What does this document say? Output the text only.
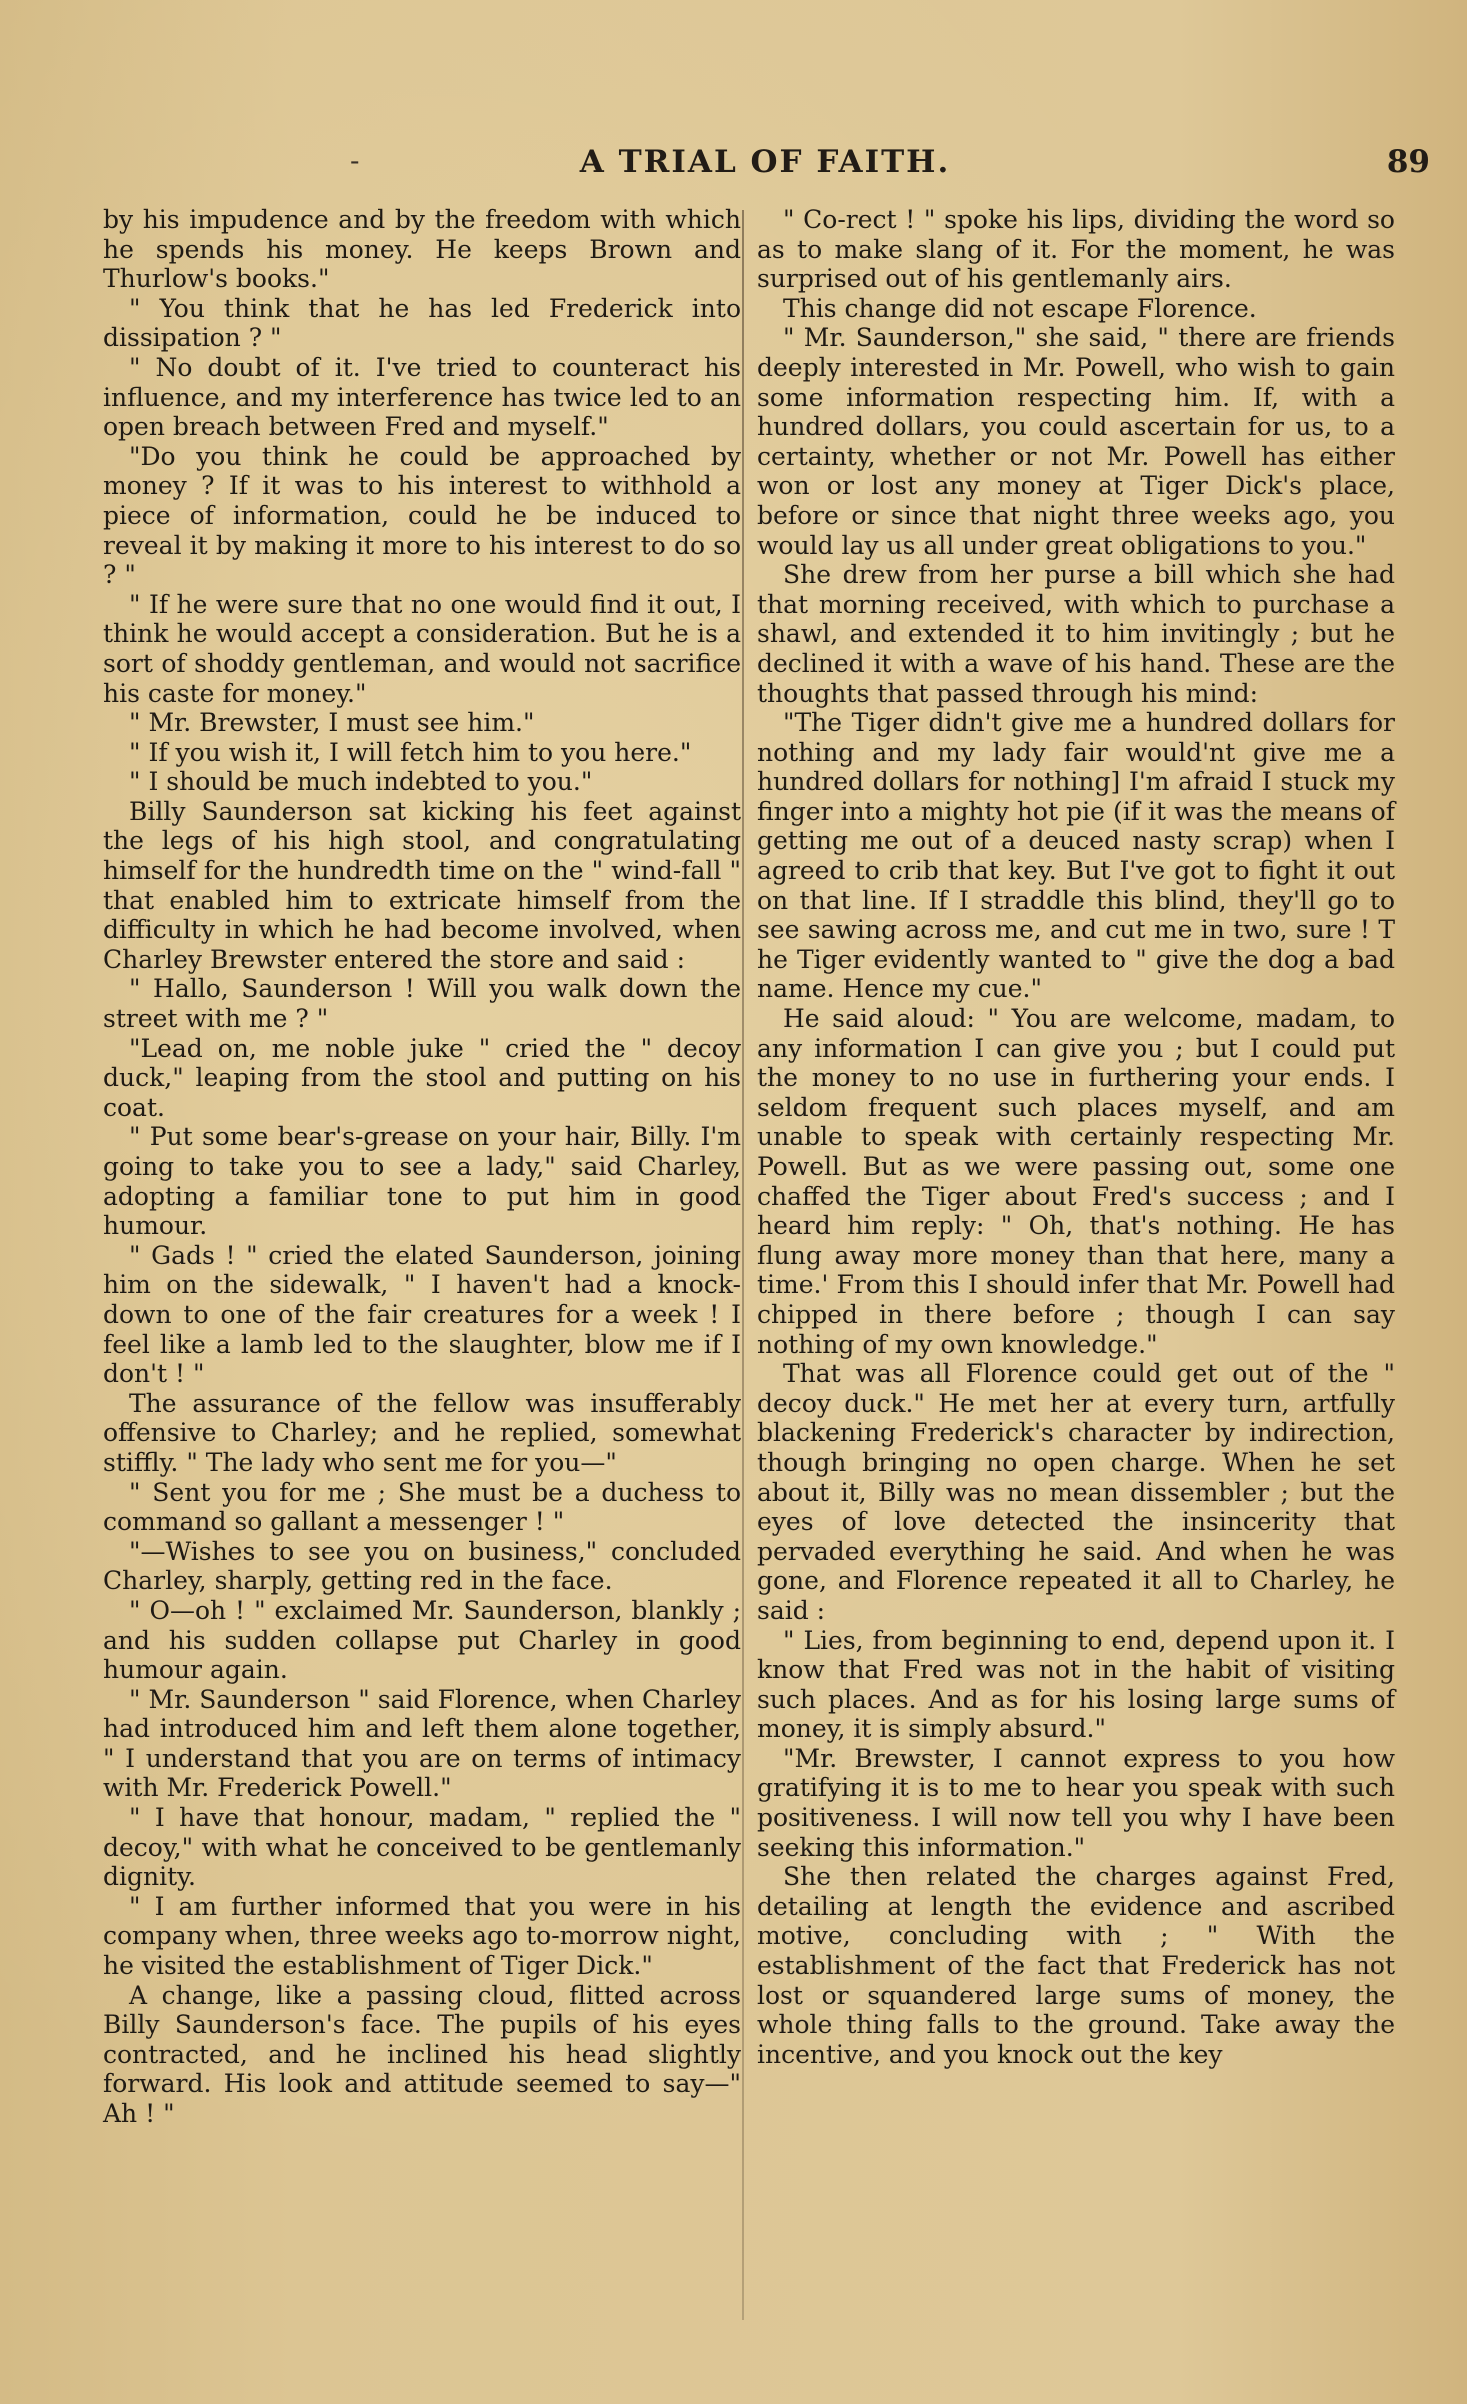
-	A TRIAL OF FAITH.	89

by his impudence and by the freedom with which he spends his money. He keeps Brown and Thurlow's books."

" You think that he has led Frederick into dissipation ? "

" No doubt of it. I've tried to counteract his influence, and my interference has twice led to an open breach between Fred and myself."

"Do you think he could be approached by money ? If it was to his interest to withhold a piece of information, could he be induced to reveal it by making it more to his interest to do so ? "

" If he were sure that no one would find it out, I think he would accept a consideration. But he is a sort of shoddy gentleman, and would not sacrifice his caste for money."

" Mr. Brewster, I must see him."

" If you wish it, I will fetch him to you here."

" I should be much indebted to you."

Billy Saunderson sat kicking his feet against the legs of his high stool, and congratulating himself for the hundredth time on the " wind-fall " that enabled him to extricate himself from the difficulty in which he had become involved, when Charley Brewster entered the store and said :

" Hallo, Saunderson ! Will you walk down the street with me ? "

"Lead on, me noble juke " cried the " decoy duck," leaping from the stool and putting on his coat.

" Put some bear's-grease on your hair, Billy. I'm going to take you to see a lady," said Charley, adopting a familiar tone to put him in good humour.

" Gads ! " cried the elated Saunderson, joining him on the sidewalk, " I haven't had a knock-down to one of the fair creatures for a week ! I feel like a lamb led to the slaughter, blow me if I don't ! "

The assurance of the fellow was insufferably offensive to Charley; and he replied, somewhat stiffly. " The lady who sent me for you—"

" Sent you for me ; She must be a duchess to command so gallant a messenger ! "

"—Wishes to see you on business," concluded Charley, sharply, getting red in the face.

" O—oh ! " exclaimed Mr. Saunderson, blankly ; and his sudden collapse put Charley in good humour again.

" Mr. Saunderson " said Florence, when Charley had introduced him and left them alone together, " I understand that you are on terms of intimacy with Mr. Frederick Powell."

" I have that honour, madam, " replied the " decoy," with what he conceived to be gentlemanly dignity.

" I am further informed that you were in his company when, three weeks ago to-morrow night, he visited the establishment of Tiger Dick."

A change, like a passing cloud, flitted across Billy Saunderson's face. The pupils of his eyes contracted, and he inclined his head slightly forward. His look and attitude seemed to say—" Ah ! "

" Co-rect ! " spoke his lips, dividing the word so as to make slang of it. For the moment, he was surprised out of his gentlemanly airs.

This change did not escape Florence.

" Mr. Saunderson," she said, " there are friends deeply interested in Mr. Powell, who wish to gain some information respecting him. If, with a hundred dollars, you could ascertain for us, to a certainty, whether or not Mr. Powell has either won or lost any money at Tiger Dick's place, before or since that night three weeks ago, you would lay us all under great obligations to you."

She drew from her purse a bill which she had that morning received, with which to purchase a shawl, and extended it to him invitingly ; but he declined it with a wave of his hand. These are the thoughts that passed through his mind:

"The Tiger didn't give me a hundred dollars for nothing and my lady fair would'nt give me a hundred dollars for nothing] I'm afraid I stuck my finger into a mighty hot pie (if it was the means of getting me out of a deuced nasty scrap) when I agreed to crib that key. But I've got to fight it out on that line. If I straddle this blind, they'll go to see sawing across me, and cut me in two, sure ! T he Tiger evidently wanted to " give the dog a bad name. Hence my cue."

He said aloud: " You are welcome, madam, to any information I can give you ; but I could put the money to no use in furthering your ends. I seldom frequent such places myself, and am unable to speak with certainly respecting Mr. Powell. But as we were passing out, some one chaffed the Tiger about Fred's success ; and I heard him reply: " Oh, that's nothing. He has flung away more money than that here, many a time.' From this I should infer that Mr. Powell had chipped in there before ; though I can say nothing of my own knowledge."

That was all Florence could get out of the " decoy duck." He met her at every turn, artfully blackening Frederick's character by indirection, though bringing no open charge. When he set about it, Billy was no mean dissembler ; but the eyes of love detected the insincerity that pervaded everything he said. And when he was gone, and Florence repeated it all to Charley, he said :

" Lies, from beginning to end, depend upon it. I know that Fred was not in the habit of visiting such places. And as for his losing large sums of money, it is simply absurd."

"Mr. Brewster, I cannot express to you how gratifying it is to me to hear you speak with such positiveness. I will now tell you why I have been seeking this information."

She then related the charges against Fred, detailing at length the evidence and ascribed motive, concluding with ; " With the establishment of the fact that Frederick has not lost or squandered large sums of money, the whole thing falls to the ground. Take away the incentive, and you knock out the key
